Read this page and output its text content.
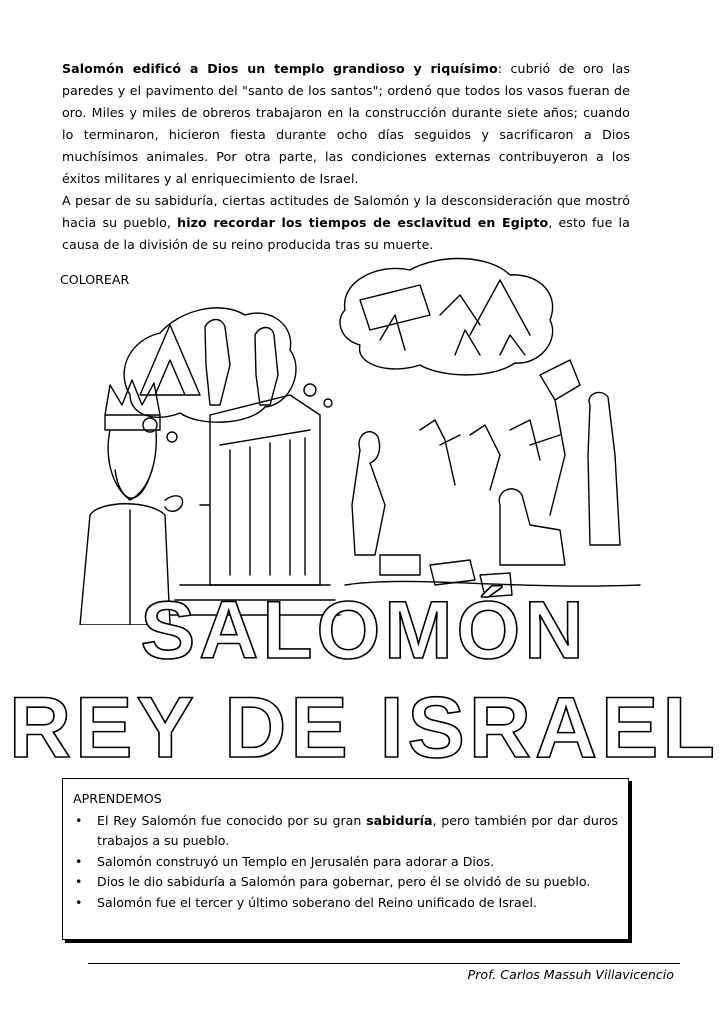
Salomón edificó a Dios un templo grandioso y riquísimo: cubrió de oro las paredes y el pavimento del "santo de los santos"; ordenó que todos los vasos fueran de oro. Miles y miles de obreros trabajaron en la construcción durante siete años; cuando lo terminaron, hicieron fiesta durante ocho días seguidos y sacrificaron a Dios muchísimos animales. Por otra parte, las condiciones externas contribuyeron a los éxitos militares y al enriquecimiento de Israel.

A pesar de su sabiduría, ciertas actitudes de Salomón y la desconsideración que mostró hacia su pueblo, hizo recordar los tiempos de esclavitud en Egipto, esto fue la causa de la división de su reino producida tras su muerte.

COLOREAR
SALOMÓN
REY DE ISRAEL
APRENDEMOS
• El Rey Salomón fue conocido por su gran sabiduría, pero también por dar duros trabajos a su pueblo.
• Salomón construyó un Templo en Jerusalén para adorar a Dios.
• Dios le dio sabiduría a Salomón para gobernar, pero él se olvidó de su pueblo.
• Salomón fue el tercer y último soberano del Reino unificado de Israel.
Prof. Carlos Massuh Villavicencio
